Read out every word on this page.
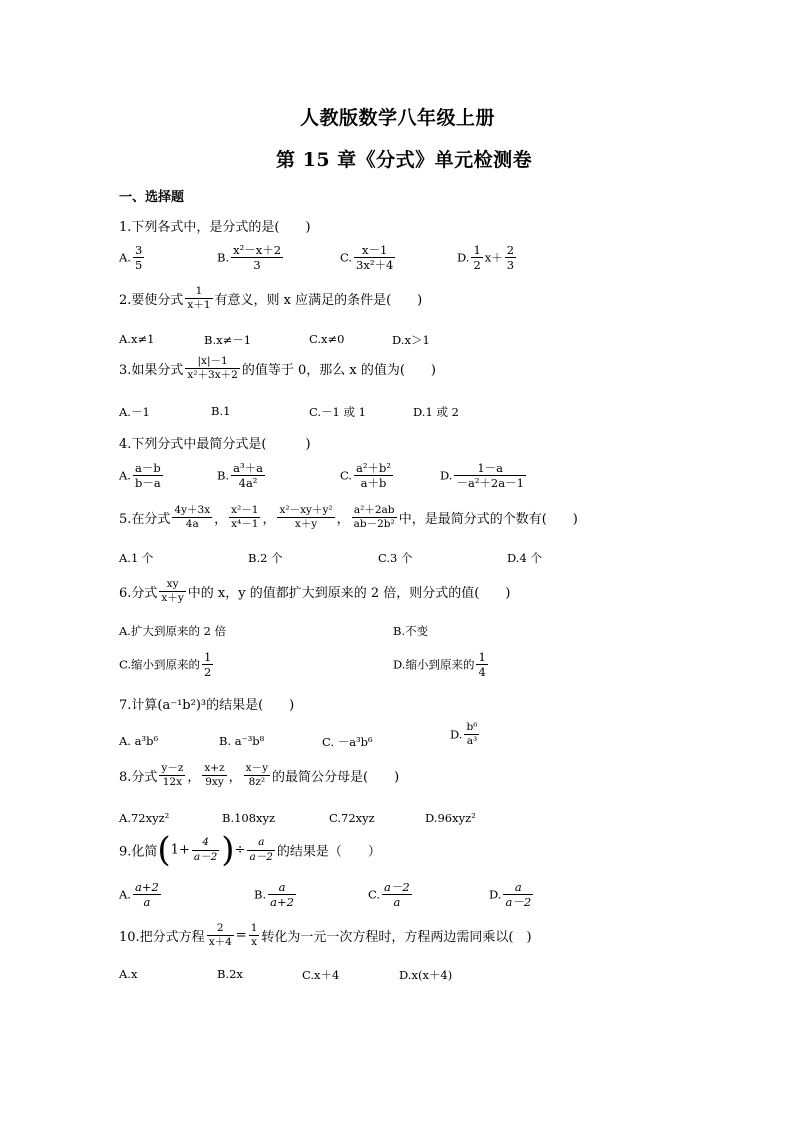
人教版数学八年级上册
第 15 章《分式》单元检测卷
一、选择题
1.下列各式中，是分式的是(　　)
A. $\frac{3}{5}$	B. $\frac{\text{x²－x＋2}}{3}$	C. $\frac{x-1}{\text{3x²＋4}}$	D. $\frac{1}{2} x+ \frac{2}{3}$
2.要使分式 $\frac{1}{x+1}$ 有意义，则 x 应满足的条件是(　　)
A.x≠1	B.x≠－1	C.x≠0	D.x＞1
3.如果分式 $\frac{|x|-1}{\text{x²＋3x＋2}}$ 的值等于 0，那么 x 的值为(　　)
A.－1	B.1	C.－1 或 1	D.1 或 2
4.下列分式中最简分式是(　　　)
A. $\frac{a-b}{b-a}$	B. $\frac{\text{a³＋a}}{\text{4a²}}$	C. $\frac{\text{a²＋b²}}{a+b}$	D. $\frac{1-a}{\text{－a²＋2a－1}}$
5.在分式 $\frac{4y+3x}{4a}$ ， $\frac{\text{x²－1}}{\text{x⁴－1}}$ ， $\frac{\text{x²－xy＋y²}}{x+y}$ ， $\frac{\text{a²＋2ab}}{\text{ab－2b²}}$ 中，是最简分式的个数有(　　)
A.1 个	B.2 个	C.3 个	D.4 个
6.分式 $\frac{xy}{x+y}$ 中的 x，y 的值都扩大到原来的 2 倍，则分式的值(　　)
A.扩大到原来的 2 倍	B.不变
C.缩小到原来的 $\frac{1}{2}$	D.缩小到原来的 $\frac{1}{4}$
7.计算(a⁻¹b²)³的结果是(　　)
A. a³b⁶	B. a⁻³b⁸	C. －a³b⁶
D. $\frac{\text{b⁶}}{\text{a³}}$
8.分式 $\frac{y-z}{12x}$ ， $\frac{x+z}{9xy}$ ， $\frac{x-y}{\text{8z²}}$ 的最简公分母是(　　)
A.72xyz²	B.108xyz	C.72xyz	D.96xyz²
9.化简($1+ \frac{4}{a-2}$ )÷ $\frac{a}{a-2}$ 的结果是（　　）
A. $\frac{a+2}{a}$	B. $\frac{a}{a+2}$	C. $\frac{a-2}{a}$	D. $\frac{a}{a-2}$
10.把分式方程 $\frac{2}{x+4} = \frac{1}{x}$ 转化为一元一次方程时，方程两边需同乘以(　)
A.x	B.2x	C.x＋4	D.x(x＋4)
